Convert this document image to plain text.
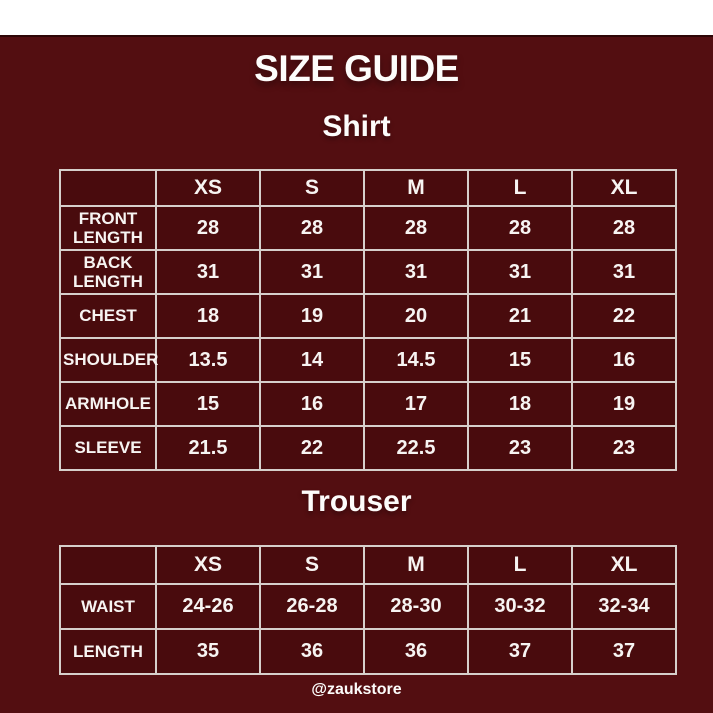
SIZE GUIDE
Shirt
	XS	S	M	L	XL
FRONT LENGTH	28	28	28	28	28
BACK LENGTH	31	31	31	31	31
CHEST	18	19	20	21	22
SHOULDER	13.5	14	14.5	15	16
ARMHOLE	15	16	17	18	19
SLEEVE	21.5	22	22.5	23	23
Trouser
	XS	S	M	L	XL
WAIST	24-26	26-28	28-30	30-32	32-34
LENGTH	35	36	36	37	37
@zaukstore
